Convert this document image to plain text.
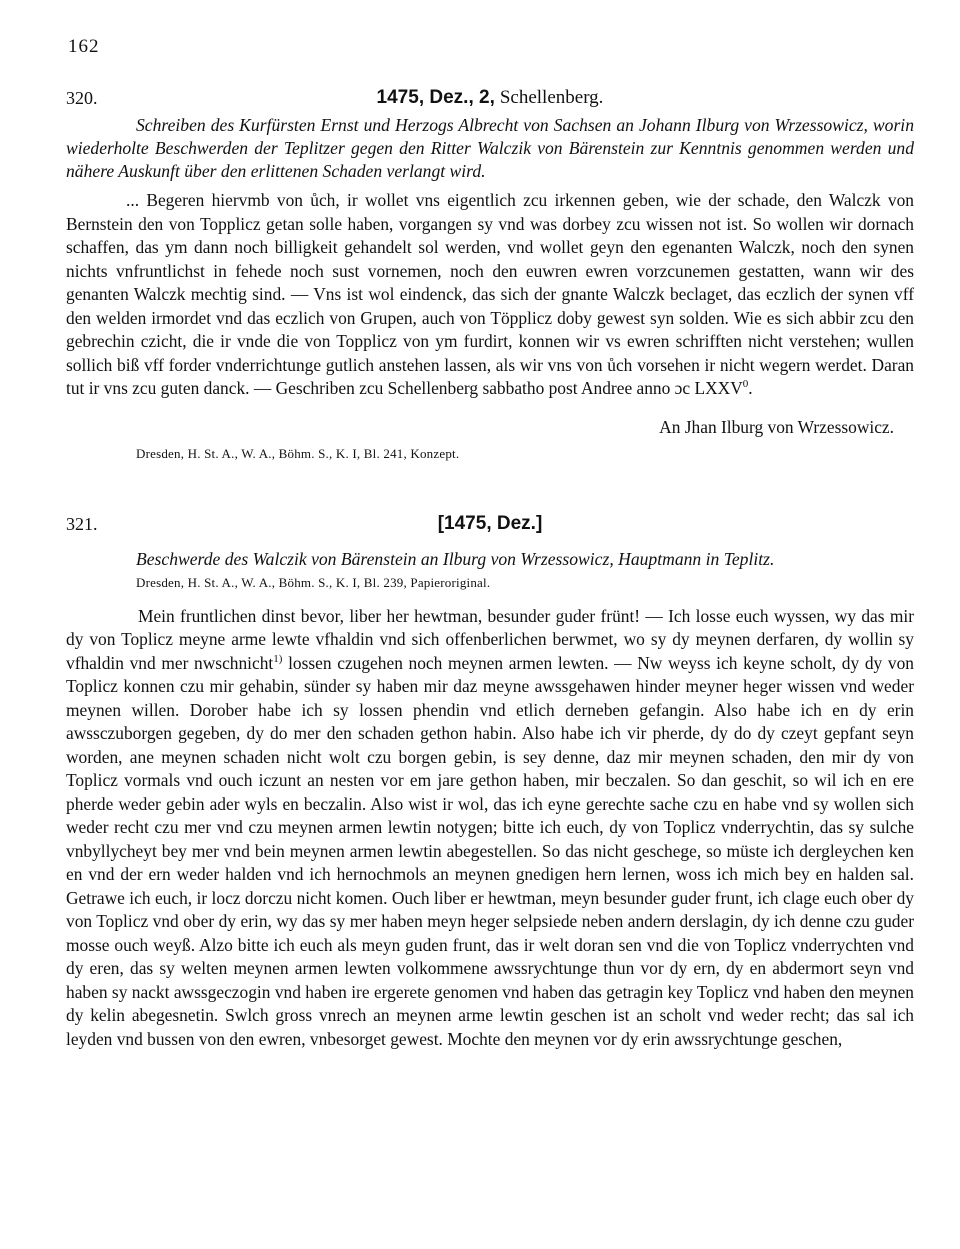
162
320.	1475, Dez., 2, Schellenberg.

Schreiben des Kurfürsten Ernst und Herzogs Albrecht von Sachsen an Johann Ilburg von Wrzessowicz, worin wiederholte Beschwerden der Teplitzer gegen den Ritter Walczik von Bärenstein zur Kenntnis genommen werden und nähere Auskunft über den erlittenen Schaden verlangt wird.

... Begeren hiervmb von ůch, ir wollet vns eigentlich zcu irkennen geben, wie der schade, den Walczk von Bernstein den von Topplicz getan solle haben, vorgangen sy vnd was dorbey zcu wissen not ist. So wollen wir dornach schaffen, das ym dann noch billigkeit gehandelt sol werden, vnd wollet geyn den egenanten Walczk, noch den synen nichts vnfruntlichst in fehede noch sust vornemen, noch den euwren ewren vorzcunemen gestatten, wann wir des genanten Walczk mechtig sind. — Vns ist wol eindenck, das sich der gnante Walczk beclaget, das eczlich der synen vff den welden irmordet vnd das eczlich von Grupen, auch von Töpplicz doby gewest syn solden. Wie es sich abbir zcu den gebrechin czicht, die ir vnde die von Topplicz von ym furdirt, konnen wir vs ewren schrifften nicht verstehen; wullen sollich biß vff forder vnderrichtunge gutlich anstehen lassen, als wir vns von ůch vorsehen ir nicht wegern werdet. Daran tut ir vns zcu guten danck. — Geschriben zcu Schellenberg sabbatho post Andree anno ɔc LXXV$^0$.

An Jhan Ilburg von Wrzessowicz.
Dresden, H. St. A., W. A., Böhm. S., K. I, Bl. 241, Konzept.
321.	[1475, Dez.]

Beschwerde des Walczik von Bärenstein an Ilburg von Wrzessowicz, Hauptmann in Teplitz.

Dresden, H. St. A., W. A., Böhm. S., K. I, Bl. 239, Papieroriginal.

Mein fruntlichen dinst bevor, liber her hewtman, besunder guder frünt! — Ich losse euch wyssen, wy das mir dy von Toplicz meyne arme lewte vfhaldin vnd sich offenberlichen berwmet, wo sy dy meynen derfaren, dy wollin sy vfhaldin vnd mer nwschnicht$^{1)}$ lossen czugehen noch meynen armen lewten. — Nw weyss ich keyne scholt, dy dy von Toplicz konnen czu mir gehabin, sünder sy haben mir daz meyne awssgehawen hinder meyner heger wissen vnd weder meynen willen. Dorober habe ich sy lossen phendin vnd etlich derneben gefangin. Also habe ich en dy erin awssczuborgen gegeben, dy do mer den schaden gethon habin. Also habe ich vir pherde, dy do dy czeyt gepfant seyn worden, ane meynen schaden nicht wolt czu borgen gebin, is sey denne, daz mir meynen schaden, den mir dy von Toplicz vormals vnd ouch iczunt an nesten vor em jare gethon haben, mir beczalen. So dan geschit, so wil ich en ere pherde weder gebin ader wyls en beczalin. Also wist ir wol, das ich eyne gerechte sache czu en habe vnd sy wollen sich weder recht czu mer vnd czu meynen armen lewtin notygen; bitte ich euch, dy von Toplicz vnderrychtin, das sy sulche vnbyllycheyt bey mer vnd bein meynen armen lewtin abegestellen. So das nicht geschege, so müste ich dergleychen ken en vnd der ern weder halden vnd ich hernochmols an meynen gnedigen hern lernen, woss ich mich bey en halden sal. Getrawe ich euch, ir locz dorczu nicht komen. Ouch liber er hewtman, meyn besunder guder frunt, ich clage euch ober dy von Toplicz vnd ober dy erin, wy das sy mer haben meyn heger selpsiede neben andern derslagin, dy ich denne czu guder mosse ouch weyß. Alzo bitte ich euch als meyn guden frunt, das ir welt doran sen vnd die von Toplicz vnderrychten vnd dy eren, das sy welten meynen armen lewten volkommene awssrychtunge thun vor dy ern, dy en abdermort seyn vnd haben sy nackt awssgeczogin vnd haben ire ergerete genomen vnd haben das getragin key Toplicz vnd haben den meynen dy kelin abegesnetin. Swlch gross vnrech an meynen arme lewtin geschen ist an scholt vnd weder recht; das sal ich leyden vnd bussen von den ewren, vnbesorget gewest. Mochte den meynen vor dy erin awssrychtunge geschen,
